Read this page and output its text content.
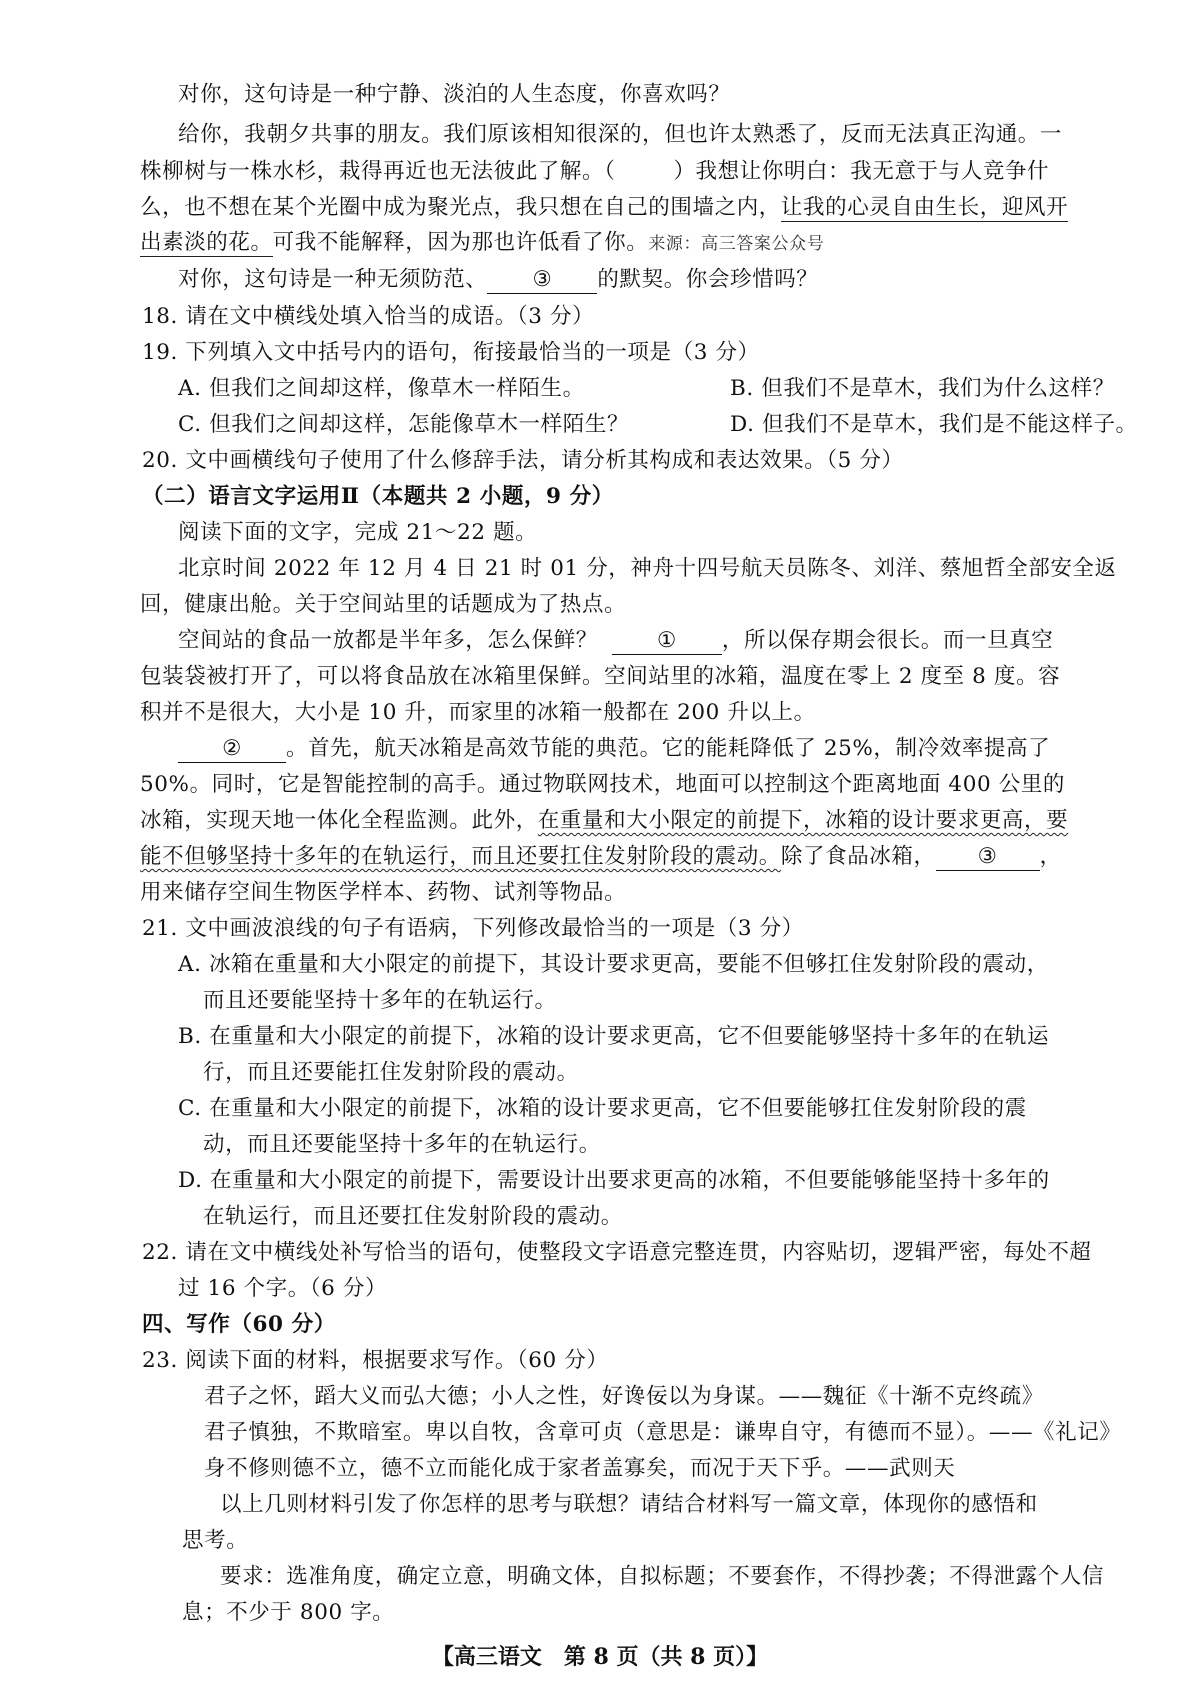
对你，这句诗是一种宁静、淡泊的人生态度，你喜欢吗？
给你，我朝夕共事的朋友。我们原该相知很深的，但也许太熟悉了，反而无法真正沟通。一
株柳树与一株水杉，栽得再近也无法彼此了解。（	）我想让你明白：我无意于与人竞争什
么，也不想在某个光圈中成为聚光点，我只想在自己的围墙之内，让我的心灵自由生长，迎风开
出素淡的花。可我不能解释，因为那也许低看了你。来源：高三答案公众号
对你，这句诗是一种无须防范、 ③ 的默契。你会珍惜吗？
18. 请在文中横线处填入恰当的成语。（3 分）
19. 下列填入文中括号内的语句，衔接最恰当的一项是（3 分）
A. 但我们之间却这样，像草木一样陌生。	B. 但我们不是草木，我们为什么这样？
C. 但我们之间却这样，怎能像草木一样陌生？	D. 但我们不是草木，我们是不能这样子。
20. 文中画横线句子使用了什么修辞手法，请分析其构成和表达效果。（5 分）
（二）语言文字运用Ⅱ（本题共 2 小题，9 分）
阅读下面的文字，完成 21～22 题。
北京时间 2022 年 12 月 4 日 21 时 01 分，神舟十四号航天员陈冬、刘洋、蔡旭哲全部安全返
回，健康出舱。关于空间站里的话题成为了热点。
空间站的食品一放都是半年多，怎么保鲜？	① ，所以保存期会很长。而一旦真空
包装袋被打开了，可以将食品放在冰箱里保鲜。空间站里的冰箱，温度在零上 2 度至 8 度。容
积并不是很大，大小是 10 升，而家里的冰箱一般都在 200 升以上。
② 。首先，航天冰箱是高效节能的典范。它的能耗降低了 25%，制冷效率提高了
50%。同时，它是智能控制的高手。通过物联网技术，地面可以控制这个距离地面 400 公里的
冰箱，实现天地一体化全程监测。此外，在重量和大小限定的前提下，冰箱的设计要求更高，要
能不但够坚持十多年的在轨运行，而且还要扛住发射阶段的震动。除了食品冰箱， ③ ，
用来储存空间生物医学样本、药物、试剂等物品。
21. 文中画波浪线的句子有语病，下列修改最恰当的一项是（3 分）
A. 冰箱在重量和大小限定的前提下，其设计要求更高，要能不但够扛住发射阶段的震动，
而且还要能坚持十多年的在轨运行。
B. 在重量和大小限定的前提下，冰箱的设计要求更高，它不但要能够坚持十多年的在轨运
行，而且还要能扛住发射阶段的震动。
C. 在重量和大小限定的前提下，冰箱的设计要求更高，它不但要能够扛住发射阶段的震
动，而且还要能坚持十多年的在轨运行。
D. 在重量和大小限定的前提下，需要设计出要求更高的冰箱，不但要能够能坚持十多年的
在轨运行，而且还要扛住发射阶段的震动。
22. 请在文中横线处补写恰当的语句，使整段文字语意完整连贯，内容贴切，逻辑严密，每处不超
过 16 个字。（6 分）
四、写作（60 分）
23. 阅读下面的材料，根据要求写作。（60 分）
君子之怀，蹈大义而弘大德；小人之性，好谗佞以为身谋。——魏征《十渐不克终疏》
君子慎独，不欺暗室。卑以自牧，含章可贞（意思是：谦卑自守，有德而不显）。——《礼记》
身不修则德不立，德不立而能化成于家者盖寡矣，而况于天下乎。——武则天
以上几则材料引发了你怎样的思考与联想？请结合材料写一篇文章，体现你的感悟和
思考。
要求：选准角度，确定立意，明确文体，自拟标题；不要套作，不得抄袭；不得泄露个人信
息；不少于 800 字。
【高三语文　第 8 页（共 8 页）】
